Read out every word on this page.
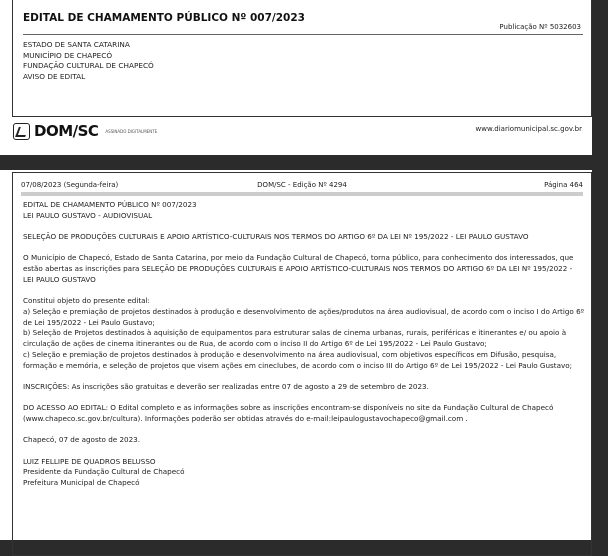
EDITAL DE CHAMAMENTO PÚBLICO Nº 007/2023
Publicação Nº 5032603
ESTADO DE SANTA CATARINA
MUNICÍPIO DE CHAPECÓ
FUNDAÇÃO CULTURAL DE CHAPECÓ
AVISO DE EDITAL
DOM/SC ASSINADO DIGITALMENTE	www.diariomunicipal.sc.gov.br
07/08/2023 (Segunda-feira)	DOM/SC - Edição Nº 4294	Página 464

EDITAL DE CHAMAMENTO PÚBLICO Nº 007/2023
LEI PAULO GUSTAVO - AUDIOVISUAL

SELEÇÃO DE PRODUÇÕES CULTURAIS E APOIO ARTÍSTICO-CULTURAIS NOS TERMOS DO ARTIGO 6º DA LEI Nº 195/2022 - LEI PAULO GUSTAVO

O Município de Chapecó, Estado de Santa Catarina, por meio da Fundação Cultural de Chapecó, torna público, para conhecimento dos interessados, que estão abertas as inscrições para SELEÇÃO DE PRODUÇÕES CULTURAIS E APOIO ARTÍSTICO-CULTURAIS NOS TERMOS DO ARTIGO 6º DA LEI Nº 195/2022 - LEI PAULO GUSTAVO

Constitui objeto do presente edital:
a) Seleção e premiação de projetos destinados à produção e desenvolvimento de ações/produtos na área audiovisual, de acordo com o inciso I do Artigo 6º de Lei 195/2022 - Lei Paulo Gustavo;
b) Seleção de Projetos destinados à aquisição de equipamentos para estruturar salas de cinema urbanas, rurais, periféricas e itinerantes e/ ou apoio à circulação de ações de cinema itinerantes ou de Rua, de acordo com o inciso II do Artigo 6º de Lei 195/2022 - Lei Paulo Gustavo;
c) Seleção e premiação de projetos destinados à produção e desenvolvimento na área audiovisual, com objetivos específicos em Difusão, pesquisa, formação e memória, e seleção de projetos que visem ações em cineclubes, de acordo com o inciso III do Artigo 6º de Lei 195/2022 - Lei Paulo Gustavo;

INSCRIÇÕES: As inscrições são gratuitas e deverão ser realizadas entre 07 de agosto a 29 de setembro de 2023.

DO ACESSO AO EDITAL: O Edital completo e as informações sobre as inscrições encontram-se disponíveis no site da Fundação Cultural de Chapecó (www.chapeco.sc.gov.br/cultura). Informações poderão ser obtidas através do e-mail:leipaulogustavochapeco@gmail.com .

Chapecó, 07 de agosto de 2023.

LUIZ FELLIPE DE QUADROS BELUSSO
Presidente da Fundação Cultural de Chapecó
Prefeitura Municipal de Chapecó
